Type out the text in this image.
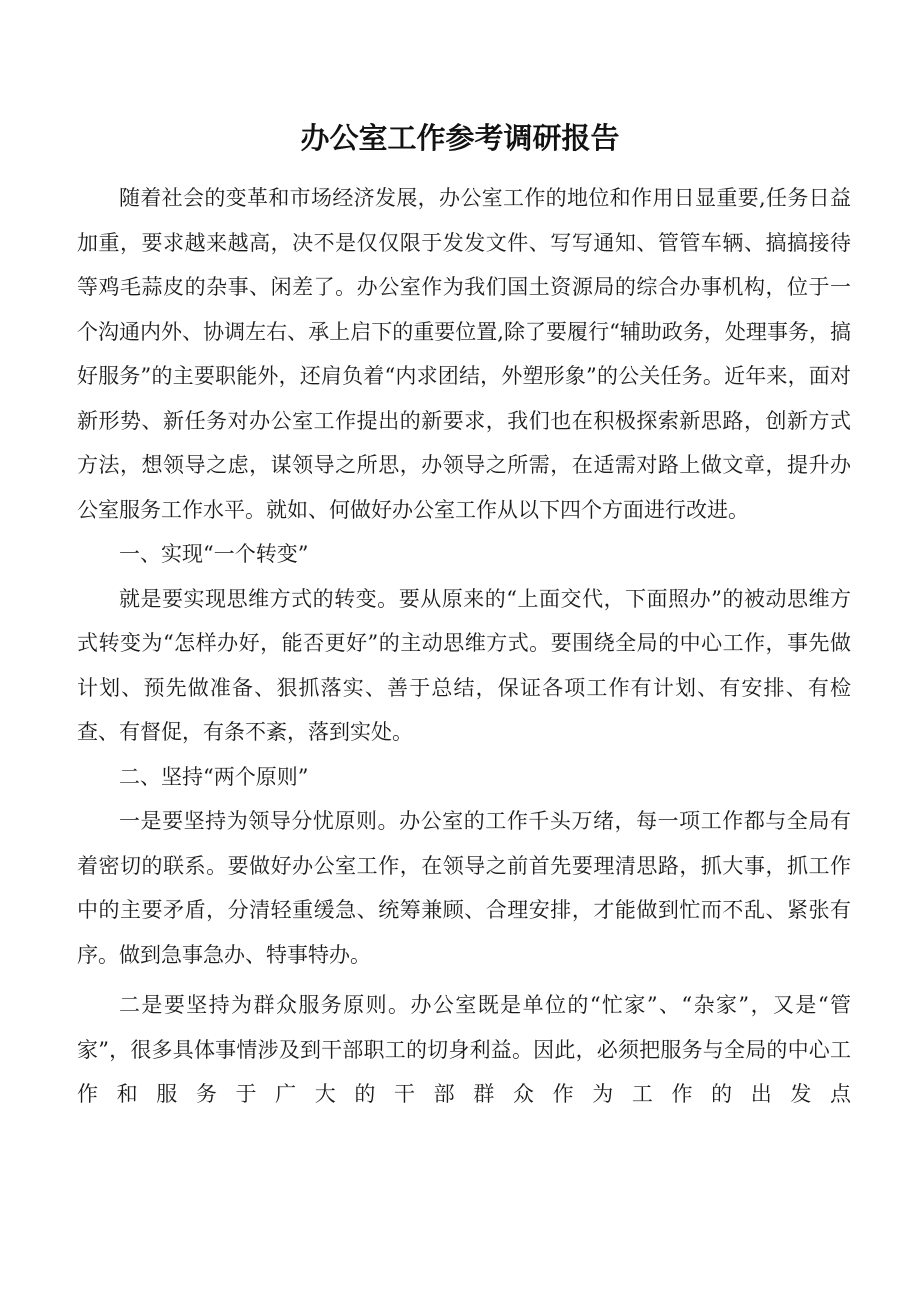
办公室工作参考调研报告

随着社会的变革和市场经济发展，办公室工作的地位和作用日显重要,任务日益加重，要求越来越高，决不是仅仅限于发发文件、写写通知、管管车辆、搞搞接待等鸡毛蒜皮的杂事、闲差了。办公室作为我们国土资源局的综合办事机构，位于一个沟通内外、协调左右、承上启下的重要位置,除了要履行“辅助政务，处理事务，搞好服务”的主要职能外，还肩负着“内求团结，外塑形象”的公关任务。近年来，面对新形势、新任务对办公室工作提出的新要求，我们也在积极探索新思路，创新方式方法，想领导之虑，谋领导之所思，办领导之所需，在适需对路上做文章，提升办公室服务工作水平。就如、何做好办公室工作从以下四个方面进行改进。

一、实现“一个转变”

就是要实现思维方式的转变。要从原来的“上面交代，下面照办”的被动思维方式转变为“怎样办好，能否更好”的主动思维方式。要围绕全局的中心工作，事先做计划、预先做准备、狠抓落实、善于总结，保证各项工作有计划、有安排、有检查、有督促，有条不紊，落到实处。

二、坚持“两个原则”

一是要坚持为领导分忧原则。办公室的工作千头万绪，每一项工作都与全局有着密切的联系。要做好办公室工作，在领导之前首先要理清思路，抓大事，抓工作中的主要矛盾，分清轻重缓急、统筹兼顾、合理安排，才能做到忙而不乱、紧张有序。做到急事急办、特事特办。

二是要坚持为群众服务原则。办公室既是单位的“忙家”、“杂家”，又是“管家”，很多具体事情涉及到干部职工的切身利益。因此，必须把服务与全局的中心工作和服务于广大的干部群众作为工作的出发点
